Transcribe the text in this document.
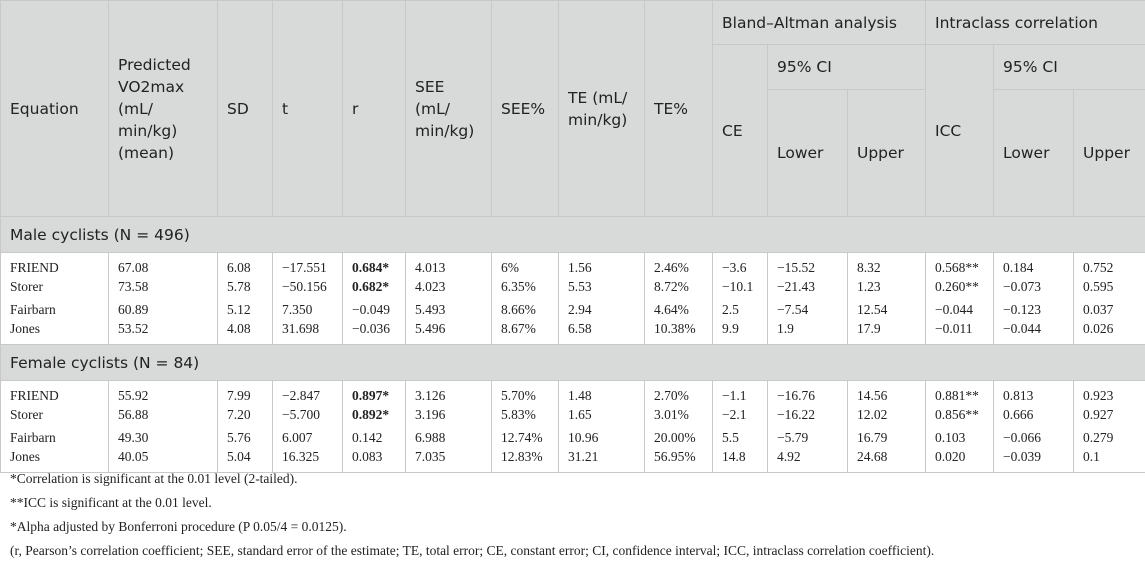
Equation	Predicted VO2max (mL/ min/kg) (mean)	SD	t	r	SEE (mL/ min/kg)	SEE%	TE (mL/ min/kg)	TE%	Bland–Altman analysis			Intraclass correlation		
									CE	95% CI		ICC	95% CI	
										Lower	Upper		Lower	Upper
Male cyclists (N = 496)														
FRIEND	67.08	6.08	−17.551	0.684*	4.013	6%	1.56	2.46%	−3.6	−15.52	8.32	0.568**	0.184	0.752
Storer	73.58	5.78	−50.156	0.682*	4.023	6.35%	5.53	8.72%	−10.1	−21.43	1.23	0.260**	−0.073	0.595
Fairbarn	60.89	5.12	7.350	−0.049	5.493	8.66%	2.94	4.64%	2.5	−7.54	12.54	−0.044	−0.123	0.037
Jones	53.52	4.08	31.698	−0.036	5.496	8.67%	6.58	10.38%	9.9	1.9	17.9	−0.011	−0.044	0.026
Female cyclists (N = 84)														
FRIEND	55.92	7.99	−2.847	0.897*	3.126	5.70%	1.48	2.70%	−1.1	−16.76	14.56	0.881**	0.813	0.923
Storer	56.88	7.20	−5.700	0.892*	3.196	5.83%	1.65	3.01%	−2.1	−16.22	12.02	0.856**	0.666	0.927
Fairbarn	49.30	5.76	6.007	0.142	6.988	12.74%	10.96	20.00%	5.5	−5.79	16.79	0.103	−0.066	0.279
Jones	40.05	5.04	16.325	0.083	7.035	12.83%	31.21	56.95%	14.8	4.92	24.68	0.020	−0.039	0.1
*Correlation is significant at the 0.01 level (2-tailed).
**ICC is significant at the 0.01 level.
*Alpha adjusted by Bonferroni procedure (P 0.05/4 = 0.0125).
(r, Pearson’s correlation coefficient; SEE, standard error of the estimate; TE, total error; CE, constant error; CI, confidence interval; ICC, intraclass correlation coefficient).
